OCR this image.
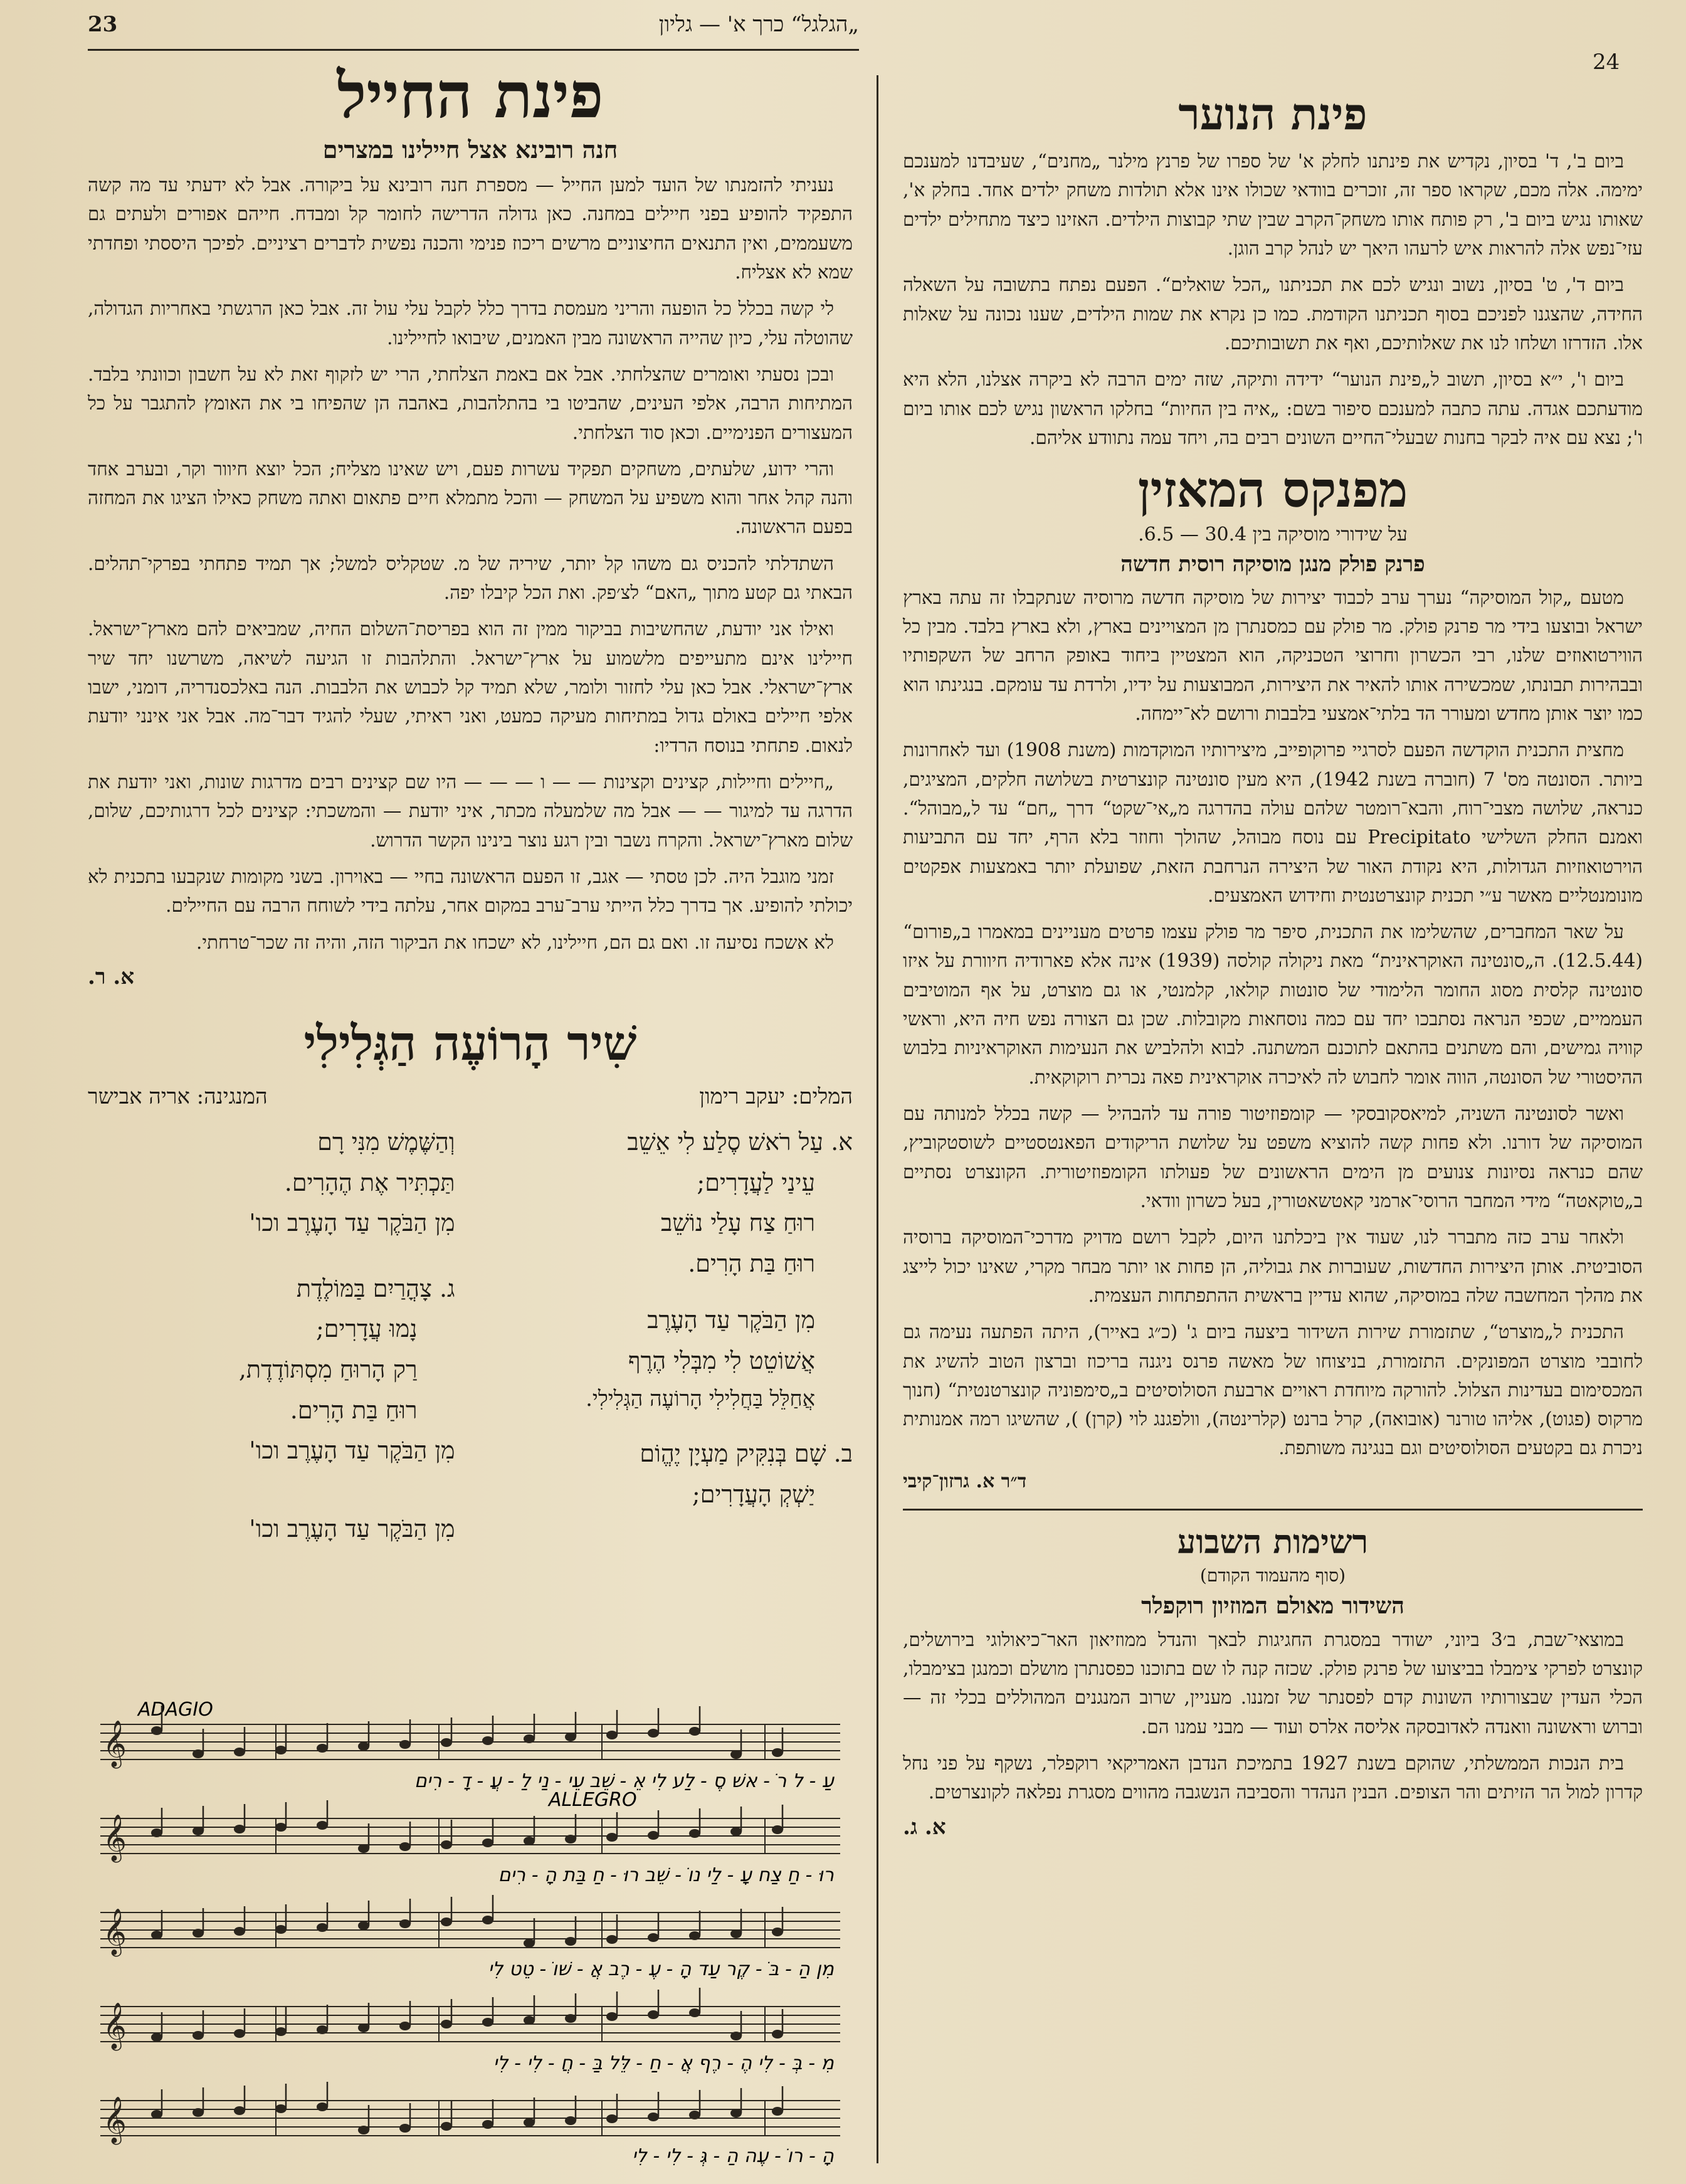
23	„הגלגל“ כרך א' — גליון
24
פינת החייל
חנה רובינא אצל חיילינו במצרים

נעניתי להזמנתו של הועד למען החייל — מספרת חנה רובינא על ביקורה. אבל לא ידעתי עד מה קשה התפקיד להופיע בפני חיילים במחנה. כאן גדולה הדרישה לחומר קל ומבדח. חייהם אפורים ולעתים גם משעממים, ואין התנאים החיצוניים מרשים ריכוז פנימי והכנה נפשית לדברים רציניים. לפיכך היססתי ופחדתי שמא לא אצליח.

לי קשה בכלל כל הופעה והריני מעמסת בדרך כלל לקבל עלי עול זה. אבל כאן הרגשתי באחריות הגדולה, שהוטלה עלי, כיון שהייה הראשונה מבין האמנים, שיבואו לחיילינו.

ובכן נסעתי ואומרים שהצלחתי. אבל אם באמת הצלחתי, הרי יש לזקוף זאת לא על חשבון וכוונתי בלבד. המתיחות הרבה, אלפי העינים, שהביטו בי בהתלהבות, באהבה הן שהפיחו בי את האומץ להתגבר על כל המעצורים הפנימיים. וכאן סוד הצלחתי.

והרי ידוע, שלעתים, משחקים תפקיד עשרות פעם, ויש שאינו מצליח; הכל יוצא חיוור וקר, ובערב אחד והנה קהל אחר והוא משפיע על המשחק — והכל מתמלא חיים פתאום ואתה משחק כאילו הציגו את המחזה בפעם הראשונה.

השתדלתי להכניס גם משהו קל יותר, שיריה של מ. שטקליס למשל; אך תמיד פתחתי בפרקי־תהלים. הבאתי גם קטע מתוך „האם“ לצ׳פק. ואת הכל קיבלו יפה.

ואילו אני יודעת, שהחשיבות בביקור ממין זה הוא בפריסת־השלום החיה, שמביאים להם מארץ־ישראל. חיילינו אינם מתעייפים מלשמוע על ארץ־ישראל. והתלהבות זו הגיעה לשיאה, משרשנו יחד שיר ארץ־ישראלי. אבל כאן עלי לחזור ולומר, שלא תמיד קל לכבוש את הלבבות. הנה באלכסנדריה, דומני, ישבו אלפי חיילים באולם גדול במתיחות מעיקה כמעט, ואני ראיתי, שעלי להגיד דבר־מה. אבל אני אינני יודעת לנאום. פתחתי בנוסח הרדיו:

„חיילים וחיילות, קצינים וקצינות — — ו — — — היו שם קצינים רבים מדרגות שונות, ואני יודעת את הדרגה עד למיגור — — אבל מה שלמעלה מכתר, איני יודעת — והמשכתי: קצינים לכל דרגותיכם, שלום, שלום מארץ־ישראל. והקרח נשבר ובין רגע נוצר בינינו הקשר הדרוש.

זמני מוגבל היה. לכן טסתי — אגב, זו הפעם הראשונה בחיי — באוירון. בשני מקומות שנקבעו בתכנית לא יכולתי להופיע. אך בדרך כלל הייתי ערב־ערב במקום אחר, עלתה בידי לשוחח הרבה עם החיילים.

לא אשכח נסיעה זו. ואם גם הם, חיילינו, לא ישכחו את הביקור הזה, והיה זה שכר־טרחתי.

א. ר.
שִׁיר הָרוֹעֶה הַגְּלִילִי
המלים: יעקב רימון
המנגינה: אריה אבישר
א. עַל רֹאשׁ סֶלַע לִי אֵשֵׁב
עֵינַי לַעֲדָרִים;
רוּחַ צַח עָלַי נוֹשֵׁב
רוּחַ בַּת הָרִים.
מִן הַבֹּקֶר עַד הָעֶרֶב
אֲשׁוֹטֵט לִי מִבְּלִי הֶרֶף
אֲחַלֵּל בַּחֲלִילִי הָרוֹעֶה הַגְּלִילִי.
ב. שָׁם בְּנִקִּיק מַעְיָן יֶהֱוֹם
יַשְׁקְ הָעֲדָרִים;
וְהַשֶּׁמֶשׁ מִנִּי רָם
תַּכְתִּיר אֶת הֶהָרִים.
מִן הַבֹּקֶר עַד הָעֶרֶב וכו'
ג. צָהֳרַיִם בַּמּוֹלֶדֶת
נָמוּ עֲדָרִים;
רַק הָרוּחַ מִסְתּוֹדֶדֶת,
רוּחַ בַּת הָרִים.
מִן הַבֹּקֶר עַד הָעֶרֶב וכו'
מִן הַבֹּקֶר עַד הָעֶרֶב וכו'
ADAGIO
𝄞
𝄞
𝄞
𝄞
𝄞
ALLEGRO
עַ - ל רֹ - אשׁ סֶ - לַע לִי אֵ - שֵׁב עֵי - נַי לַ - עֲ - דָ - רִים
רוּ - חַ צַח עָ - לַי נוֹ - שֵׁב רוּ - חַ בַּת הָ - רִים
מִן הַ - בֹּ - קֶר עַד הָ - עֶ - רֶב אֲ - שׁוֹ - טֵט לִי
מִ - בְּ - לִי הֶ - רֶף אֲ - חַ - לֵּל בַּ - חֲ - לִי - לִי
הָ - רוֹ - עֶה הַ - גְּ - לִי - לִי
פינת הנוער

ביום ב', ד' בסיון, נקדיש את פינתנו לחלק א' של ספרו של פרנץ מילנר „מחנים“, שעיבדנו למענכם ימימה. אלה מכם, שקראו ספר זה, זוכרים בוודאי שכולו אינו אלא תולדות משחק ילדים אחד. בחלק א', שאותו נגיש ביום ב', רק פותח אותו משחק־הקרב שבין שתי קבוצות הילדים. האזינו כיצד מתחילים ילדים עזי־נפש אלה להראות איש לרעהו היאך יש לנהל קרב הוגן.

ביום ד', ט' בסיון, נשוב ונגיש לכם את תכניתנו „הכל שואלים“. הפעם נפתח בתשובה על השאלה החידה, שהצגנו לפניכם בסוף תכניתנו הקודמת. כמו כן נקרא את שמות הילדים, שענו נכונה על שאלות אלו. הזדרזו ושלחו לנו את שאלותיכם, ואף את תשובותיכם.

ביום ו', י״א בסיון, תשוב ל„פינת הנוער“ ידידה ותיקה, שזה ימים הרבה לא ביקרה אצלנו, הלא היא מודעתכם אגדה. עתה כתבה למענכם סיפור בשם: „איה בין החיות“ בחלקו הראשון נגיש לכם אותו ביום ו'; נצא עם איה לבקר בחנות שבעלי־החיים השונים רבים בה, ויחד עמה נתוודע אליהם.

מפנקס המאזין
על שידורי מוסיקה בין 30.4 — 6.5.
פרנק פולק מנגן מוסיקה רוסית חדשה

מטעם „קול המוסיקה“ נערך ערב לכבוד יצירות של מוסיקה חדשה מרוסיה שנתקבלו זה עתה בארץ ישראל ובוצעו בידי מר פרנק פולק. מר פולק עם כמסנתרן מן המצויינים בארץ, ולא בארץ בלבד. מבין כל הווירטואוזים שלנו, רבי הכשרון וחרוצי הטכניקה, הוא המצטיין ביחוד באופק הרחב של השקפותיו ובבהירות תבונתו, שמכשירה אותו להאיר את היצירות, המבוצעות על ידיו, ולרדת עד עומקם. בנגינתו הוא כמו יוצר אותן מחדש ומעורר הד בלתי־אמצעי בלבבות ורושם לא־יימחה.

מחצית התכנית הוקדשה הפעם לסרגיי פרוקופייב, מיצירותיו המוקדמות (משנת 1908) ועד לאחרונות ביותר. הסונטה מס' 7 (חוברה בשנת 1942), היא מעין סונטינה קונצרטית בשלושה חלקים, המציגים, כנראה, שלושה מצבי־רוח, והבא־רומטר שלהם עולה בהדרגה מ„אי־שקט“ דרך „חם“ עד ל„מבוהל“. ואמנם החלק השלישי Precipitato עם נוסח מבוהל, שהולך וחוזר בלא הרף, יחד עם התביעות הוירטואוזיות הגדולות, היא נקודת האור של היצירה הנרחבת הזאת, שפועלת יותר באמצעות אפקטים מונומנטליים מאשר ע״י תכנית קונצרטנטית וחידוש האמצעים.

על שאר המחברים, שהשלימו את התכנית, סיפר מר פולק עצמו פרטים מעניינים במאמרו ב„פורום“ (12.5.44). ה„סונטינה האוקראינית“ מאת ניקולה קולסה (1939) אינה אלא פארודיה חיוורת על איזו סונטינה קלסית מסוג החומר הלימודי של סונטות קולאו, קלמנטי, או גם מוצרט, על אף המוטיבים העממיים, שכפי הנראה נסתבכו יחד עם כמה נוסחאות מקובלות. שכן גם הצורה נפש חיה היא, וראשי קוויה גמישים, והם משתנים בהתאם לתוכנם המשתנה. לבוא ולהלביש את הנעימות האוקראיניות בלבוש ההיסטורי של הסונטה, הווה אומר לחבוש לה לאיכרה אוקראינית פאה נכרית רוקוקאית.

ואשר לסונטינה השניה, למיאסקובסקי — קומפוזיטור פורה עד להבהיל — קשה בכלל למנותה עם המוסיקה של דורנו. ולא פחות קשה להוציא משפט על שלושת הריקודים הפאנטסטיים לשוסטקוביץ, שהם כנראה נסיונות צנועים מן הימים הראשונים של פעולתו הקומפוזיטורית. הקונצרט נסתיים ב„טוקאטה“ מידי המחבר הרוסי־ארמני קאטשאטורין, בעל כשרון וודאי.

ולאחר ערב כזה מתברר לנו, שעוד אין ביכלתנו היום, לקבל רושם מדויק מדרכי־המוסיקה ברוסיה הסוביטית. אותן היצירות החדשות, שעוברות את גבוליה, הן פחות או יותר מבחר מקרי, שאינו יכול לייצג את מהלך המחשבה שלה במוסיקה, שהוא עדיין בראשית ההתפתחות העצמית.

התכנית ל„מוצרט“, שתזמורת שירות השידור ביצעה ביום ג' (כ״ג באייר), היתה הפתעה נעימה גם לחובבי מוצרט המפונקים. התזמורת, בניצוחו של מאשה פרנס ניגנה בריכוז וברצון הטוב להשיג את המכסימום בעדינות הצלול. להורקה מיוחדת ראויים ארבעת הסולוסיטים ב„סימפוניה קונצרטנטית“ (חנוך מרקוס (פגוט), אליהו טורנר (אובואה), קרל ברנט (קלרינטה), וולפגנג לוי (קרן) ), שהשיגו רמה אמנותית ניכרת גם בקטעים הסולוסיטים וגם בנגינה משותפת.

ד״ר א. גרזון־קיבי
רשימות השבוע
(סוף מהעמוד הקודם)
השידור מאולם המוזיון רוקפלר

במוצאי־שבת, ב׳3 ביוני, ישודר במסגרת החגיגות לבאך והנדל ממוזיאון האר־כיאולוגי בירושלים, קונצרט לפרקי צימבלו בביצועו של פרנק פולק. שכזה קנה לו שם בתוכנו כפסנתרן מושלם וכמנגן בצימבלו, הכלי העדין שבצורותיו השונות קדם לפסנתר של זמננו. מעניין, שרוב המנגנים המהוללים בכלי זה — וברוש וראשונה וואנדה לאדובסקה אליסה אלרס ועוד — מבני עמנו הם.

בית הנכות הממשלתי, שהוקם בשנת 1927 בתמיכת הנדבן האמריקאי רוקפלר, נשקף על פני נחל קדרון למול הר הזיתים והר הצופים. הבנין הנהדר והסביבה הנשגבה מהווים מסגרת נפלאה לקונצרטים.

א. ג.
